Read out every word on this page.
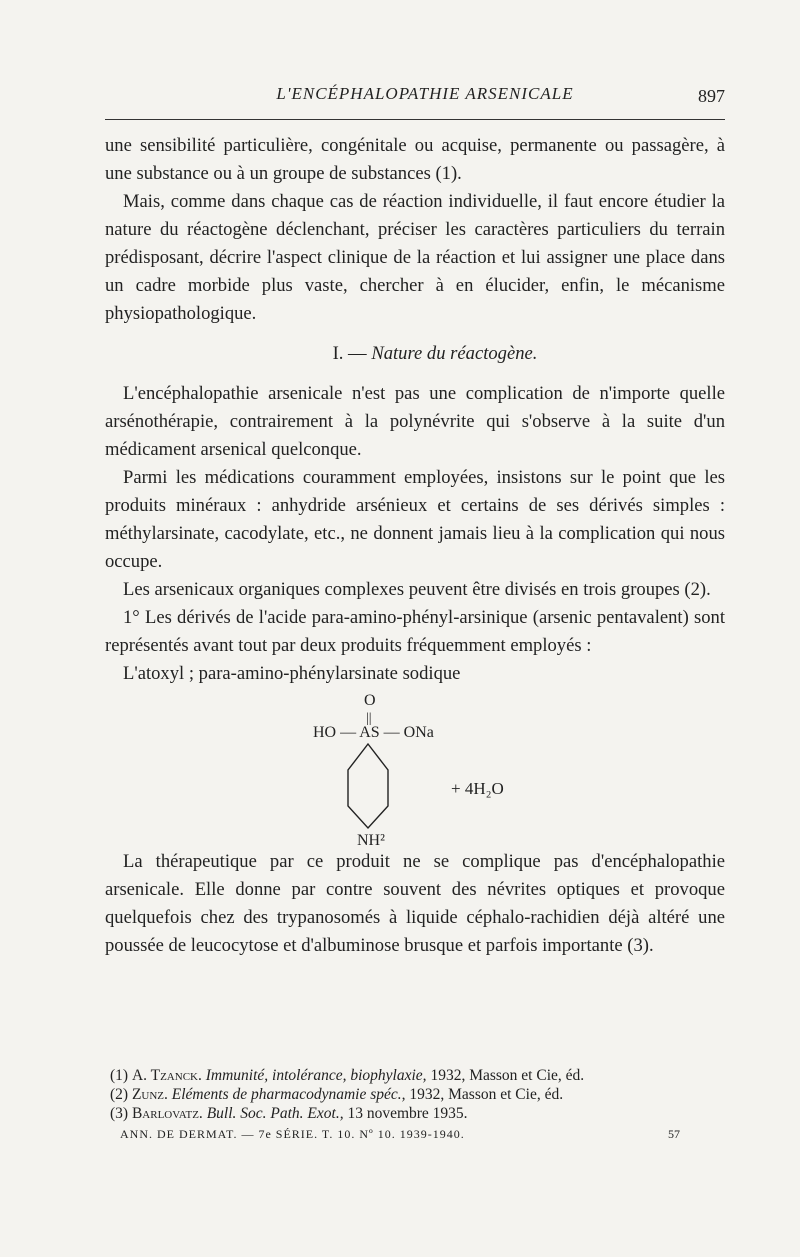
L'ENCÉPHALOPATHIE ARSENICALE	897

une sensibilité particulière, congénitale ou acquise, permanente ou passagère, à une substance ou à un groupe de substances (1).

Mais, comme dans chaque cas de réaction individuelle, il faut encore étudier la nature du réactogène déclenchant, préciser les caractères particuliers du terrain prédisposant, décrire l'aspect clinique de la réaction et lui assigner une place dans un cadre morbide plus vaste, chercher à en élucider, enfin, le mécanisme physiopathologique.

I. — Nature du réactogène.

L'encéphalopathie arsenicale n'est pas une complication de n'importe quelle arsénothérapie, contrairement à la polynévrite qui s'observe à la suite d'un médicament arsenical quelconque.

Parmi les médications couramment employées, insistons sur le point que les produits minéraux : anhydride arsénieux et certains de ses dérivés simples : méthylarsinate, cacodylate, etc., ne donnent jamais lieu à la complication qui nous occupe.

Les arsenicaux organiques complexes peuvent être divisés en trois groupes (2).

1° Les dérivés de l'acide para-amino-phényl-arsinique (arsenic pentavalent) sont représentés avant tout par deux produits fréquemment employés :

L'atoxyl ; para-amino-phénylarsinate sodique

O
||
HO — AS — ONa
+ 4H₂O
NH²

La thérapeutique par ce produit ne se complique pas d'encéphalopathie arsenicale. Elle donne par contre souvent des névrites optiques et provoque quelquefois chez des trypanosomés à liquide céphalo-rachidien déjà altéré une poussée de leucocytose et d'albuminose brusque et parfois importante (3).

(1) A. Tzanck. Immunité, intolérance, biophylaxie, 1932, Masson et Cie, éd.

(2) Zunz. Eléments de pharmacodynamie spéc., 1932, Masson et Cie, éd.

(3) Barlovatz. Bull. Soc. Path. Exot., 13 novembre 1935.

ANN. DE DERMAT. — 7e SÉRIE. T. 10. Nº 10. 1939-1940.	57
